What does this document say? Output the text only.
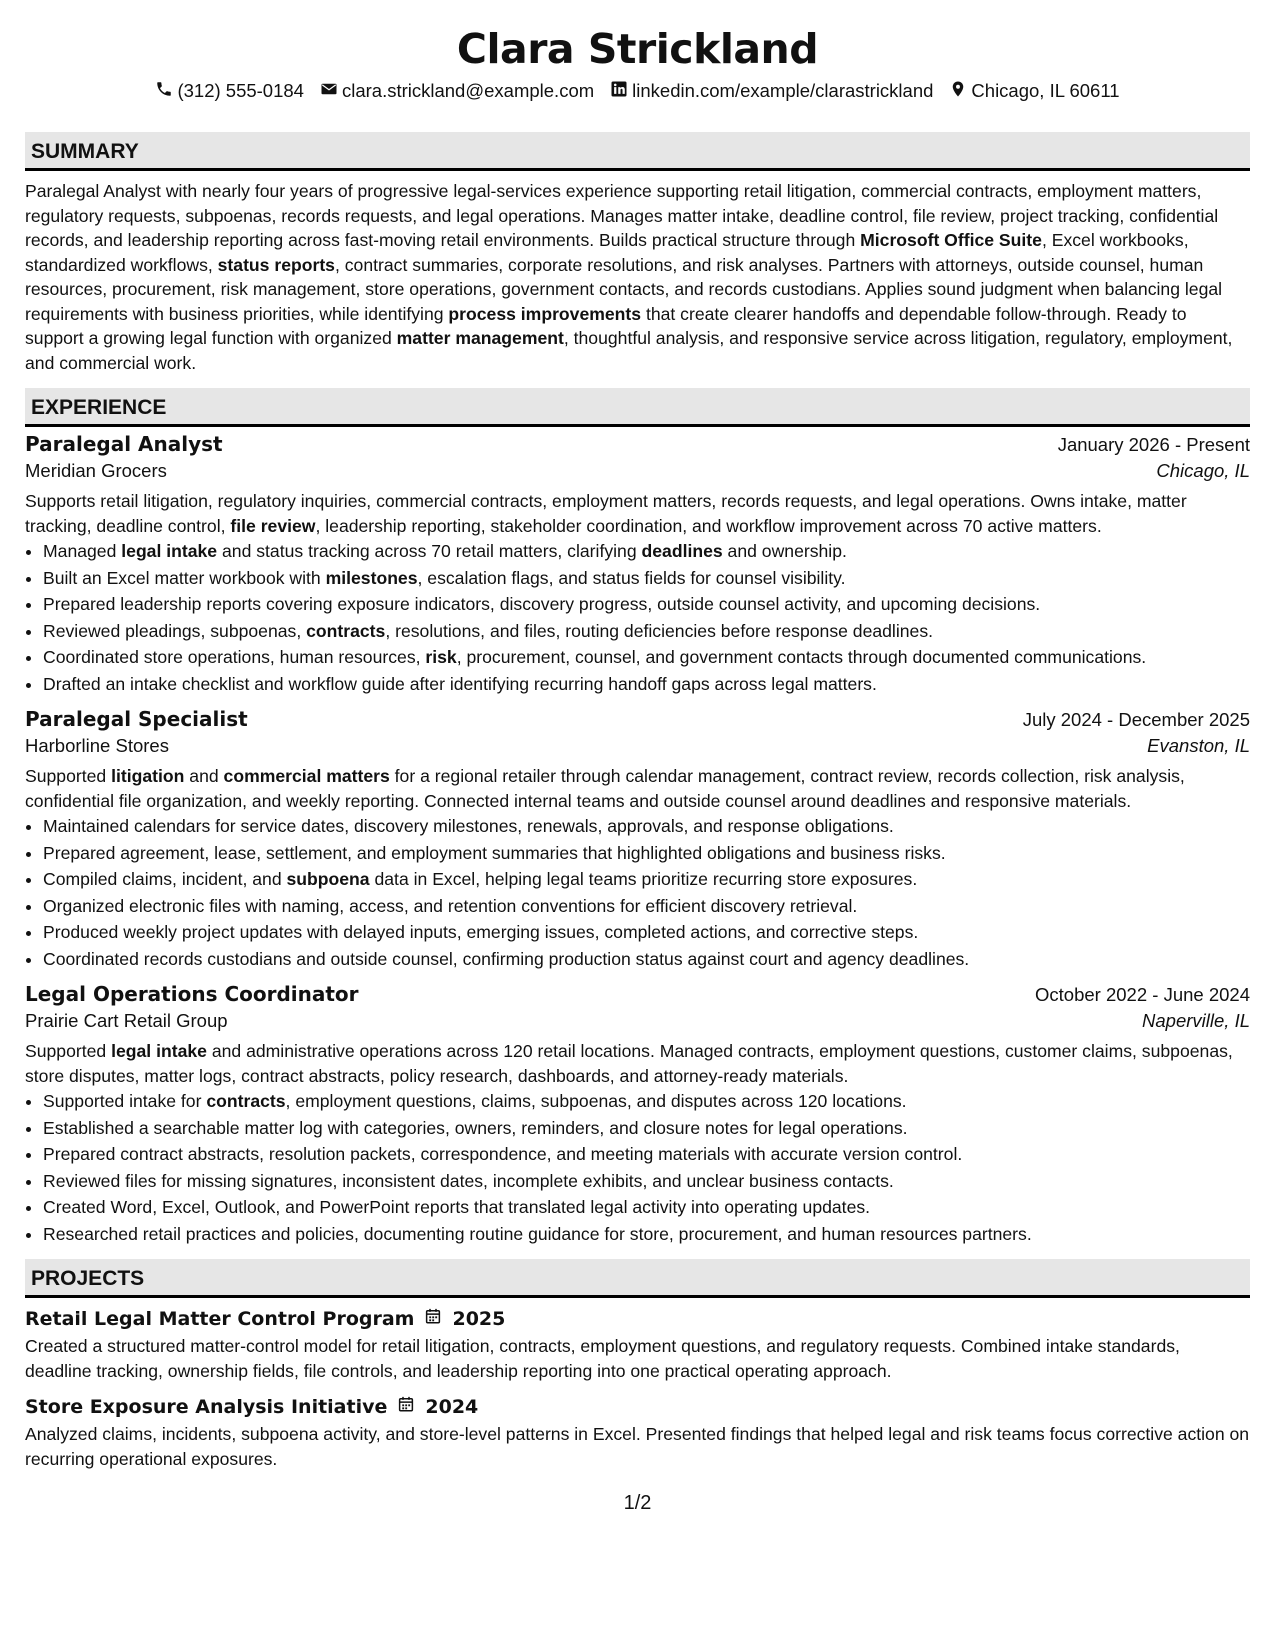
Clara Strickland
(312) 555-0184 clara.strickland@example.com linkedin.com/example/clarastrickland Chicago, IL 60611
SUMMARY

Paralegal Analyst with nearly four years of progressive legal-services experience supporting retail litigation, commercial contracts, employment matters, regulatory requests, subpoenas, records requests, and legal operations. Manages matter intake, deadline control, file review, project tracking, confidential records, and leadership reporting across fast-moving retail environments. Builds practical structure through Microsoft Office Suite, Excel workbooks, standardized workflows, status reports, contract summaries, corporate resolutions, and risk analyses. Partners with attorneys, outside counsel, human resources, procurement, risk management, store operations, government contacts, and records custodians. Applies sound judgment when balancing legal requirements with business priorities, while identifying process improvements that create clearer handoffs and dependable follow-through. Ready to support a growing legal function with organized matter management, thoughtful analysis, and responsive service across litigation, regulatory, employment, and commercial work.

EXPERIENCE
Paralegal Analyst	January 2026 - Present
Meridian Grocers	Chicago, IL

Supports retail litigation, regulatory inquiries, commercial contracts, employment matters, records requests, and legal operations. Owns intake, matter tracking, deadline control, file review, leadership reporting, stakeholder coordination, and workflow improvement across 70 active matters.

• Managed legal intake and status tracking across 70 retail matters, clarifying deadlines and ownership.
• Built an Excel matter workbook with milestones, escalation flags, and status fields for counsel visibility.
• Prepared leadership reports covering exposure indicators, discovery progress, outside counsel activity, and upcoming decisions.
• Reviewed pleadings, subpoenas, contracts, resolutions, and files, routing deficiencies before response deadlines.
• Coordinated store operations, human resources, risk, procurement, counsel, and government contacts through documented communications.
• Drafted an intake checklist and workflow guide after identifying recurring handoff gaps across legal matters.
Paralegal Specialist	July 2024 - December 2025
Harborline Stores	Evanston, IL

Supported litigation and commercial matters for a regional retailer through calendar management, contract review, records collection, risk analysis, confidential file organization, and weekly reporting. Connected internal teams and outside counsel around deadlines and responsive materials.

• Maintained calendars for service dates, discovery milestones, renewals, approvals, and response obligations.
• Prepared agreement, lease, settlement, and employment summaries that highlighted obligations and business risks.
• Compiled claims, incident, and subpoena data in Excel, helping legal teams prioritize recurring store exposures.
• Organized electronic files with naming, access, and retention conventions for efficient discovery retrieval.
• Produced weekly project updates with delayed inputs, emerging issues, completed actions, and corrective steps.
• Coordinated records custodians and outside counsel, confirming production status against court and agency deadlines.
Legal Operations Coordinator	October 2022 - June 2024
Prairie Cart Retail Group	Naperville, IL

Supported legal intake and administrative operations across 120 retail locations. Managed contracts, employment questions, customer claims, subpoenas, store disputes, matter logs, contract abstracts, policy research, dashboards, and attorney-ready materials.

• Supported intake for contracts, employment questions, claims, subpoenas, and disputes across 120 locations.
• Established a searchable matter log with categories, owners, reminders, and closure notes for legal operations.
• Prepared contract abstracts, resolution packets, correspondence, and meeting materials with accurate version control.
• Reviewed files for missing signatures, inconsistent dates, incomplete exhibits, and unclear business contacts.
• Created Word, Excel, Outlook, and PowerPoint reports that translated legal activity into operating updates.
• Researched retail practices and policies, documenting routine guidance for store, procurement, and human resources partners.
PROJECTS
Retail Legal Matter Control Program 2025

Created a structured matter-control model for retail litigation, contracts, employment questions, and regulatory requests. Combined intake standards, deadline tracking, ownership fields, file controls, and leadership reporting into one practical operating approach.

Store Exposure Analysis Initiative 2024

Analyzed claims, incidents, subpoena activity, and store-level patterns in Excel. Presented findings that helped legal and risk teams focus corrective action on recurring operational exposures.

1/2
